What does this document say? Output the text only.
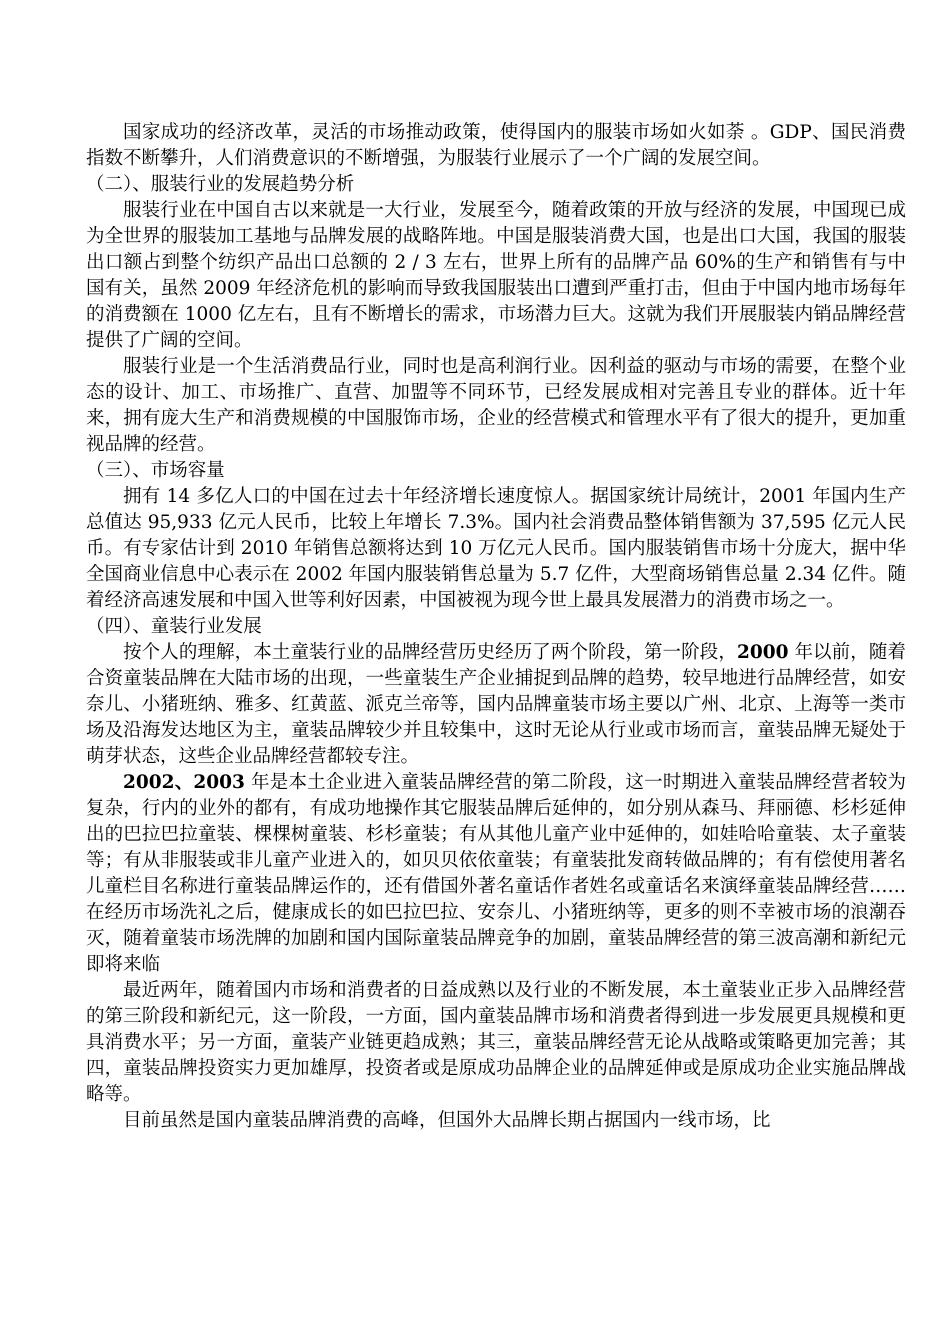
国家成功的经济改革，灵活的市场推动政策，使得国内的服装市场如火如荼 。GDP、国民消费指数不断攀升，人们消费意识的不断增强，为服装行业展示了一个广阔的发展空间。

（二）、服装行业的发展趋势分析

服装行业在中国自古以来就是一大行业，发展至今，随着政策的开放与经济的发展，中国现已成为全世界的服装加工基地与品牌发展的战略阵地。中国是服装消费大国，也是出口大国，我国的服装出口额占到整个纺织产品出口总额的 2 / 3 左右，世界上所有的品牌产品 60%的生产和销售有与中国有关，虽然 2009 年经济危机的影响而导致我国服装出口遭到严重打击，但由于中国内地市场每年的消费额在 1000 亿左右，且有不断增长的需求，市场潜力巨大。这就为我们开展服装内销品牌经营提供了广阔的空间。

服装行业是一个生活消费品行业，同时也是高利润行业。因利益的驱动与市场的需要，在整个业态的设计、加工、市场推广、直营、加盟等不同环节，已经发展成相对完善且专业的群体。近十年来，拥有庞大生产和消费规模的中国服饰市场，企业的经营模式和管理水平有了很大的提升，更加重视品牌的经营。

（三）、市场容量

拥有 14 多亿人口的中国在过去十年经济增长速度惊人。据国家统计局统计，2001 年国内生产总值达 95,933 亿元人民币，比较上年增长 7.3%。国内社会消费品整体销售额为 37,595 亿元人民币。有专家估计到 2010 年销售总额将达到 10 万亿元人民币。国内服装销售市场十分庞大，据中华全国商业信息中心表示在 2002 年国内服装销售总量为 5.7 亿件，大型商场销售总量 2.34 亿件。随着经济高速发展和中国入世等利好因素，中国被视为现今世上最具发展潜力的消费市场之一。

（四）、童装行业发展

按个人的理解，本土童装行业的品牌经营历史经历了两个阶段，第一阶段，2000 年以前，随着合资童装品牌在大陆市场的出现，一些童装生产企业捕捉到品牌的趋势，较早地进行品牌经营，如安奈儿、小猪班纳、雅多、红黄蓝、派克兰帝等，国内品牌童装市场主要以广州、北京、上海等一类市场及沿海发达地区为主，童装品牌较少并且较集中，这时无论从行业或市场而言，童装品牌无疑处于萌芽状态，这些企业品牌经营都较专注。

2002、2003 年是本土企业进入童装品牌经营的第二阶段，这一时期进入童装品牌经营者较为复杂，行内的业外的都有，有成功地操作其它服装品牌后延伸的，如分别从森马、拜丽德、杉杉延伸出的巴拉巴拉童装、棵棵树童装、杉杉童装；有从其他儿童产业中延伸的，如娃哈哈童装、太子童装等；有从非服装或非儿童产业进入的，如贝贝依依童装；有童装批发商转做品牌的；有有偿使用著名儿童栏目名称进行童装品牌运作的，还有借国外著名童话作者姓名或童话名来演绎童装品牌经营……在经历市场洗礼之后，健康成长的如巴拉巴拉、安奈儿、小猪班纳等，更多的则不幸被市场的浪潮吞灭，随着童装市场洗牌的加剧和国内国际童装品牌竞争的加剧，童装品牌经营的第三波高潮和新纪元即将来临

最近两年，随着国内市场和消费者的日益成熟以及行业的不断发展，本土童装业正步入品牌经营的第三阶段和新纪元，这一阶段，一方面，国内童装品牌市场和消费者得到进一步发展更具规模和更具消费水平；另一方面，童装产业链更趋成熟；其三，童装品牌经营无论从战略或策略更加完善；其四，童装品牌投资实力更加雄厚，投资者或是原成功品牌企业的品牌延伸或是原成功企业实施品牌战略等。

目前虽然是国内童装品牌消费的高峰，但国外大品牌长期占据国内一线市场，比
